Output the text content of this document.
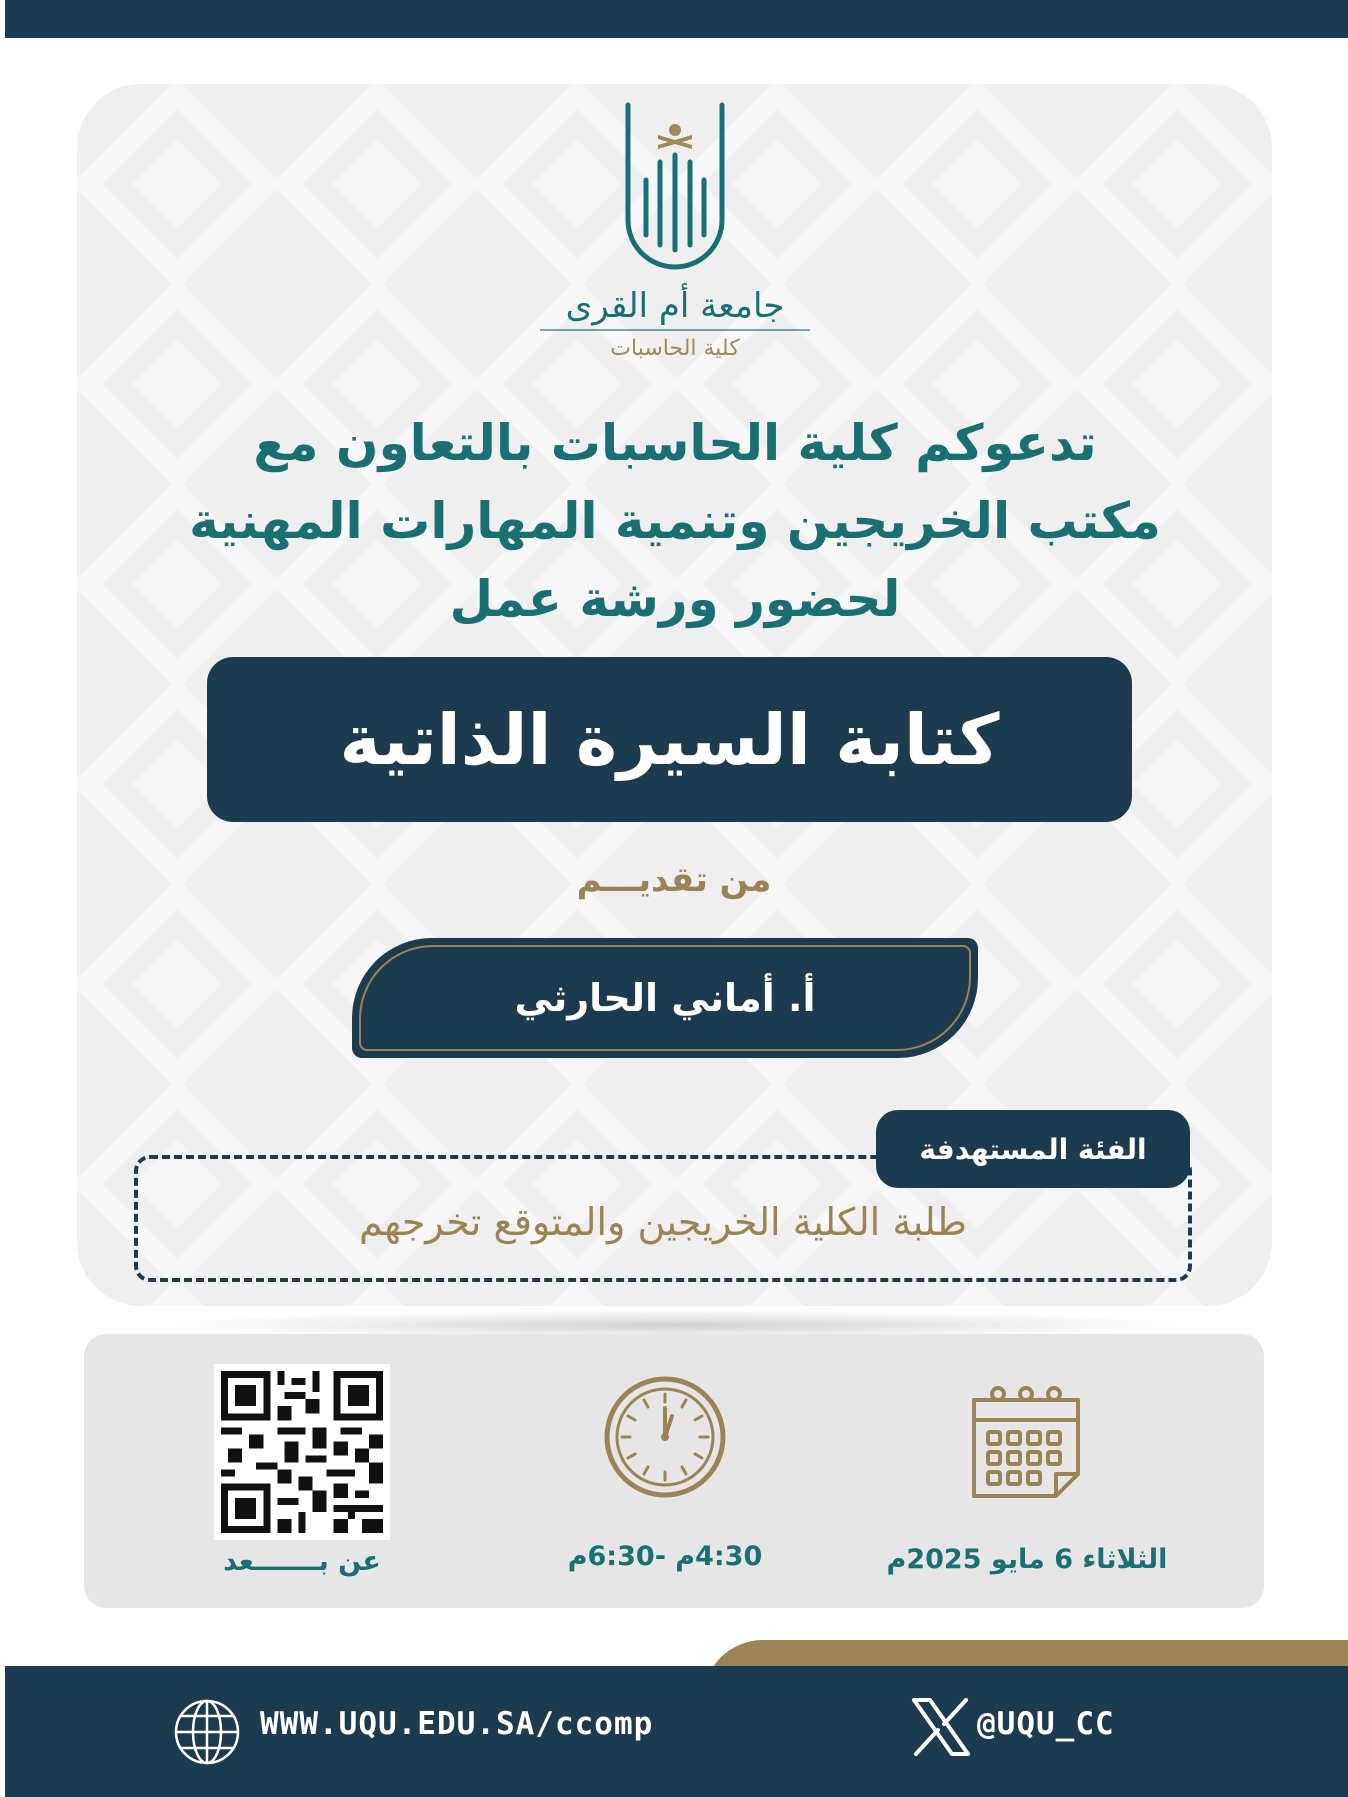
جامعة أم القرى
كلية الحاسبات
تدعوكم كلية الحاسبات بالتعاون مع
مكتب الخريجين وتنمية المهارات المهنية
لحضور ورشة عمل
كتابة السيرة الذاتية
من تقديـــم
أ. أماني الحارثي
طلبة الكلية الخريجين والمتوقع تخرجهم
الفئة المستهدفة
الثلاثاء 6 مايو 2025م
4:30م -6:30م
عن بـــــــعد
WWW.UQU.EDU.SA/ccomp	@UQU_CC
